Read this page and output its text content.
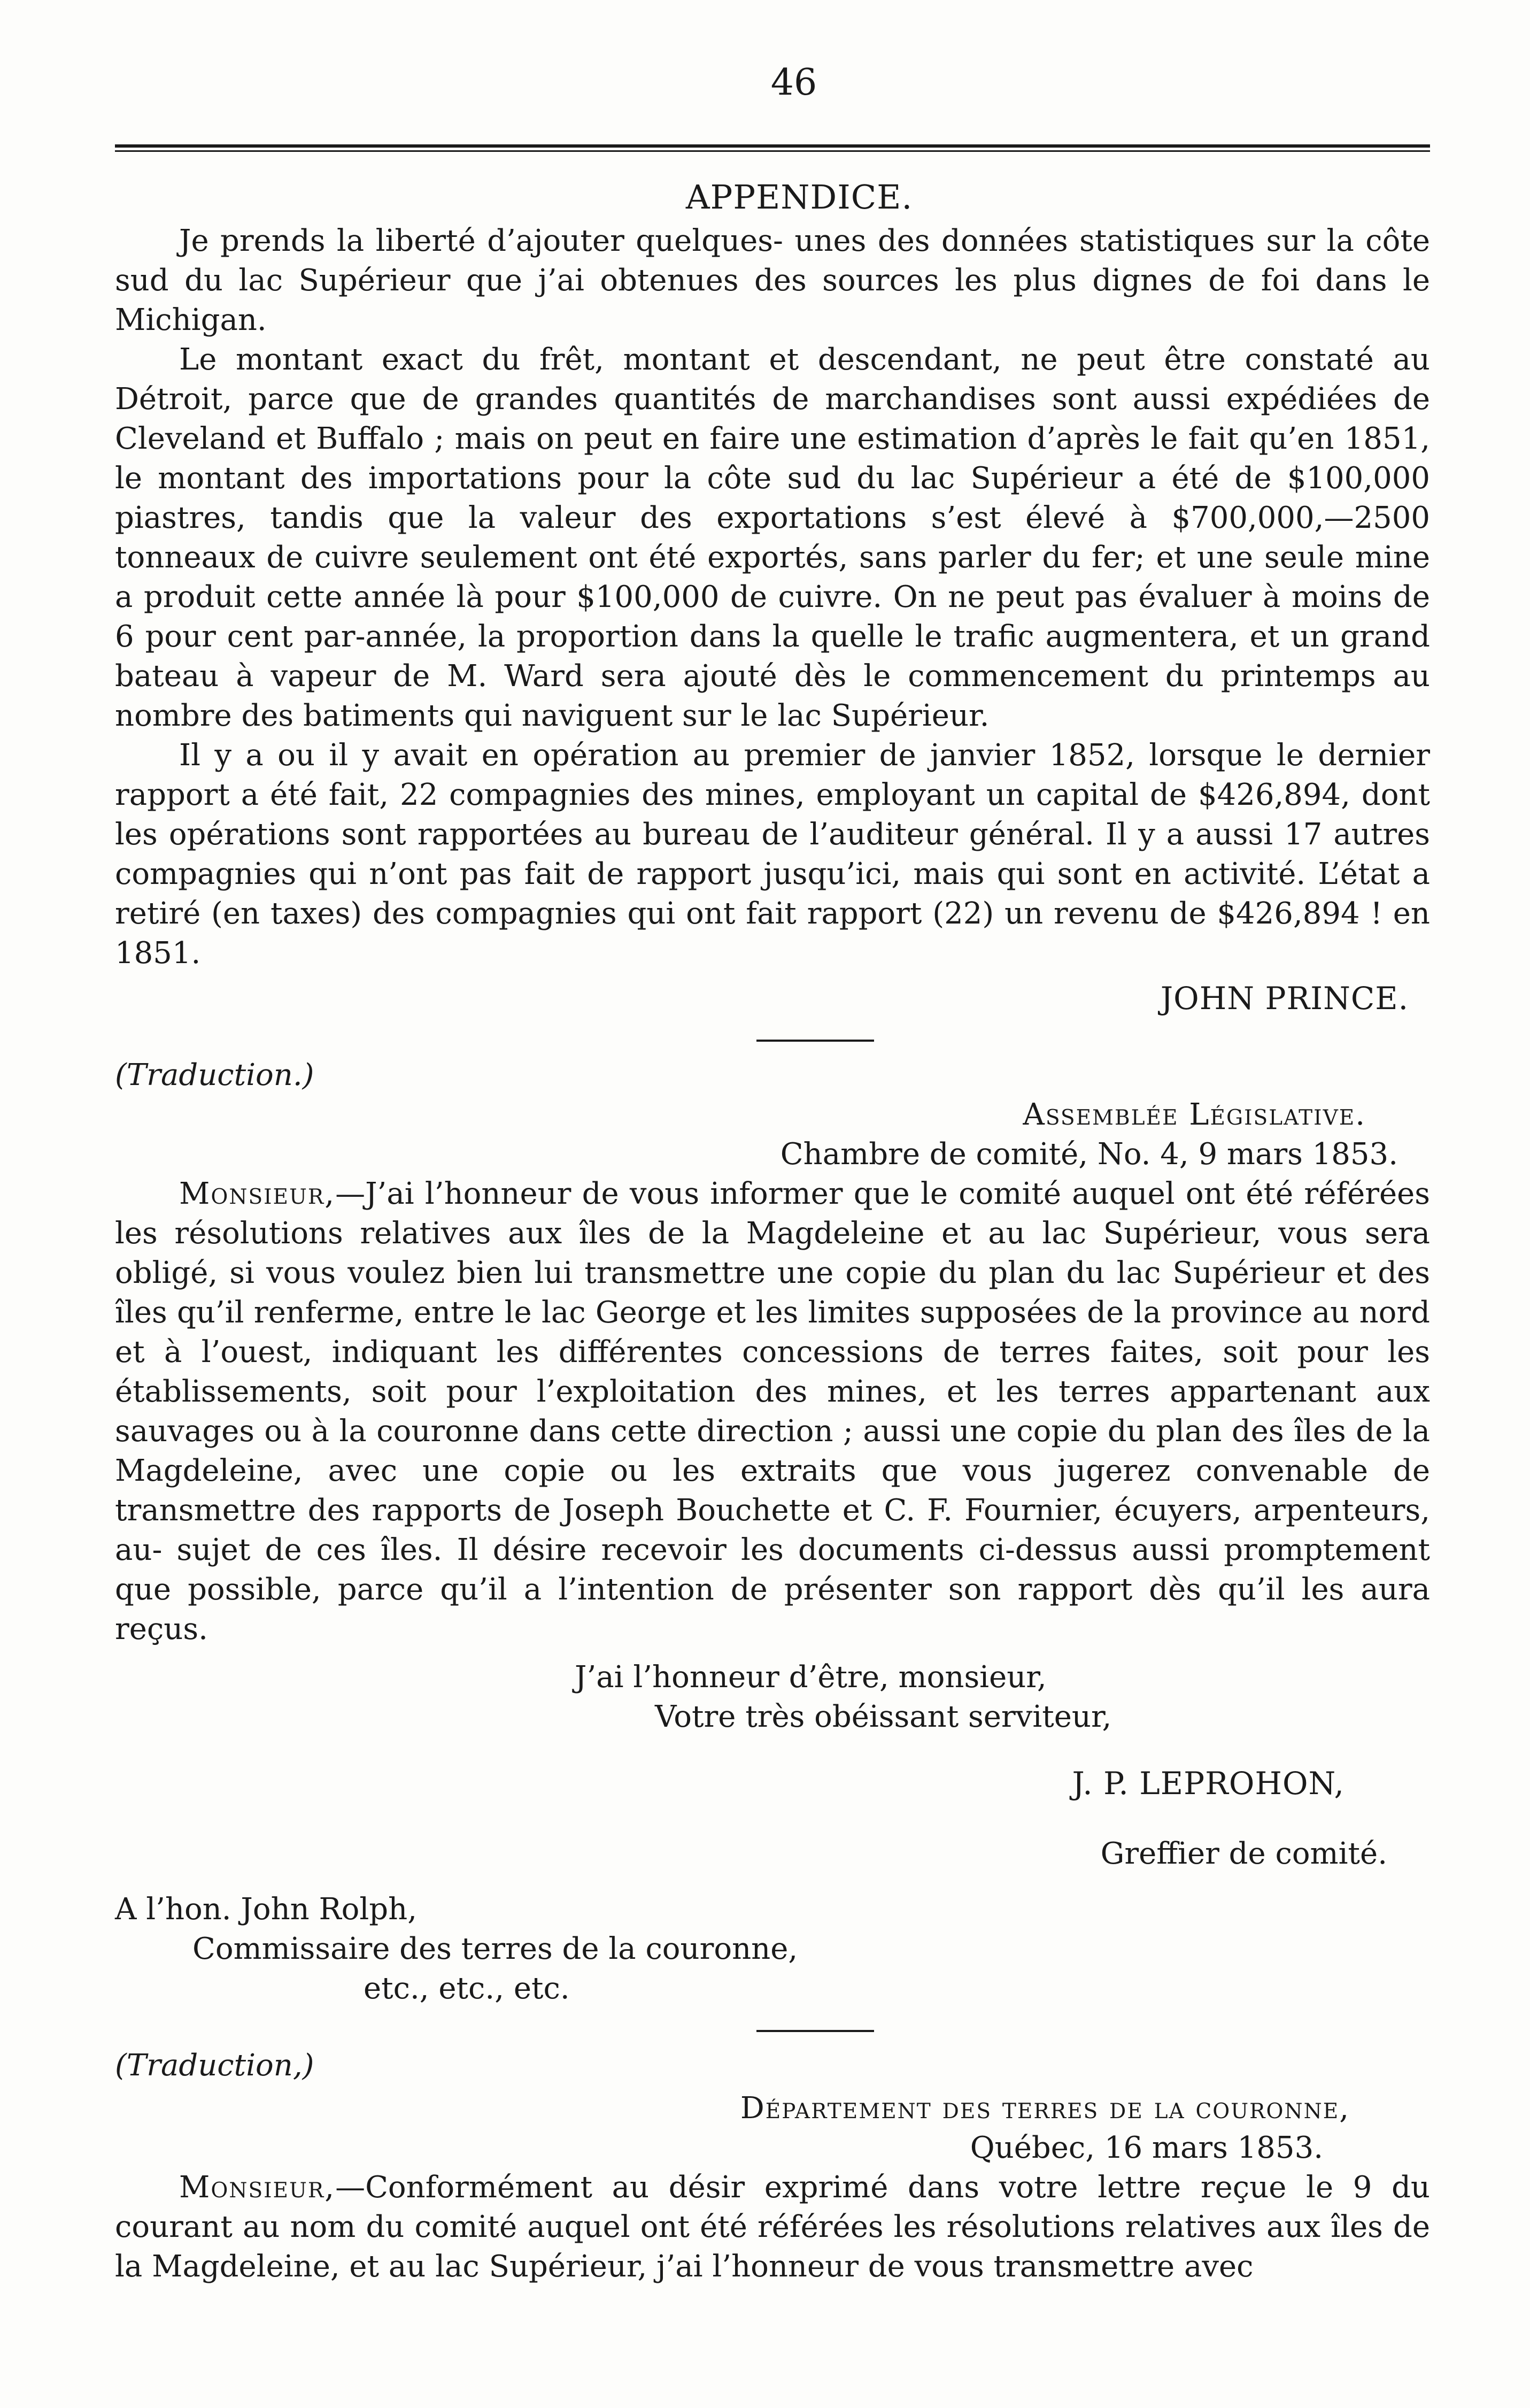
46
APPENDICE.

Je prends la liberté d’ajouter quelques- unes des données statistiques sur la côte sud du lac Supérieur que j’ai obtenues des sources les plus dignes de foi dans le Michigan.

Le montant exact du frêt, montant et descendant, ne peut être constaté au Détroit, parce que de grandes quantités de marchandises sont aussi expédiées de Cleveland et Buffalo ; mais on peut en faire une estimation d’après le fait qu’en 1851, le montant des importations pour la côte sud du lac Supérieur a été de $100,000 piastres, tandis que la valeur des exportations s’est élevé à $700,000,—2500 tonneaux de cuivre seulement ont été exportés, sans parler du fer; et une seule mine a produit cette année là pour $100,000 de cuivre. On ne peut pas évaluer à moins de 6 pour cent par-année, la proportion dans la quelle le trafic augmentera, et un grand bateau à vapeur de M. Ward sera ajouté dès le commencement du printemps au nombre des batiments qui naviguent sur le lac Supérieur.

Il y a ou il y avait en opération au premier de janvier 1852, lorsque le dernier rapport a été fait, 22 compagnies des mines, employant un capital de $426,894, dont les opérations sont rapportées au bureau de l’auditeur général. Il y a aussi 17 autres compagnies qui n’ont pas fait de rapport jusqu’ici, mais qui sont en activité. L’état a retiré (en taxes) des compagnies qui ont fait rapport (22) un revenu de $426,894 ! en 1851.

JOHN PRINCE.

(Traduction.)

Assemblée Législative.

Chambre de comité, No. 4, 9 mars 1853.

Monsieur,—J’ai l’honneur de vous informer que le comité auquel ont été référées les résolutions relatives aux îles de la Magdeleine et au lac Supérieur, vous sera obligé, si vous voulez bien lui transmettre une copie du plan du lac Supérieur et des îles qu’il renferme, entre le lac George et les limites supposées de la province au nord et à l’ouest, indiquant les différentes concessions de terres faites, soit pour les établissements, soit pour l’exploitation des mines, et les terres appartenant aux sauvages ou à la couronne dans cette direction ; aussi une copie du plan des îles de la Magdeleine, avec une copie ou les extraits que vous jugerez convenable de transmettre des rapports de Joseph Bouchette et C. F. Fournier, écuyers, arpenteurs, au- sujet de ces îles. Il désire recevoir les documents ci-dessus aussi promptement que possible, parce qu’il a l’intention de présenter son rapport dès qu’il les aura reçus.

J’ai l’honneur d’être, monsieur,

Votre très obéissant serviteur,

J. P. LEPROHON,

Greffier de comité.

A l’hon. John Rolph,

Commissaire des terres de la couronne,

etc., etc., etc.

(Traduction,)

Département des terres de la couronne,

Québec, 16 mars 1853.

Monsieur,—Conformément au désir exprimé dans votre lettre reçue le 9 du courant au nom du comité auquel ont été référées les résolutions relatives aux îles de la Magdeleine, et au lac Supérieur, j’ai l’honneur de vous transmettre avec
